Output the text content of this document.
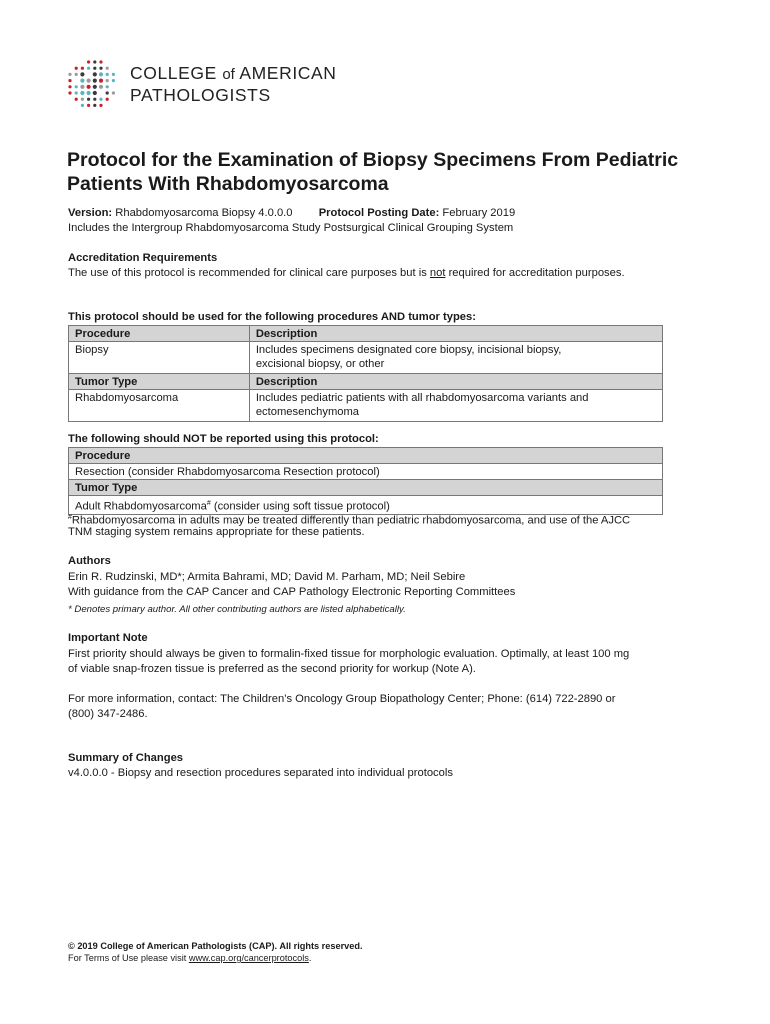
COLLEGE of AMERICAN
PATHOLOGISTS
Protocol for the Examination of Biopsy Specimens From Pediatric Patients With Rhabdomyosarcoma
Version: Rhabdomyosarcoma Biopsy 4.0.0.0 Protocol Posting Date: February 2019
Includes the Intergroup Rhabdomyosarcoma Study Postsurgical Clinical Grouping System
Accreditation Requirements
The use of this protocol is recommended for clinical care purposes but is not required for accreditation purposes.
This protocol should be used for the following procedures AND tumor types:
Procedure	Description
Biopsy	Includes specimens designated core biopsy, incisional biopsy,
excisional biopsy, or other

Tumor Type	Description
Rhabdomyosarcoma	Includes pediatric patients with all rhabdomyosarcoma variants and
ectomesenchymoma
The following should NOT be reported using this protocol:
Procedure
Resection (consider Rhabdomyosarcoma Resection protocol)
Tumor Type
Adult Rhabdomyosarcoma# (consider using soft tissue protocol)
#Rhabdomyosarcoma in adults may be treated differently than pediatric rhabdomyosarcoma, and use of the AJCC
TNM staging system remains appropriate for these patients.
Authors
Erin R. Rudzinski, MD*; Armita Bahrami, MD; David M. Parham, MD; Neil Sebire
With guidance from the CAP Cancer and CAP Pathology Electronic Reporting Committees
* Denotes primary author. All other contributing authors are listed alphabetically.
Important Note
First priority should always be given to formalin-fixed tissue for morphologic evaluation. Optimally, at least 100 mg
of viable snap-frozen tissue is preferred as the second priority for workup (Note A).
For more information, contact: The Children’s Oncology Group Biopathology Center; Phone: (614) 722-2890 or
(800) 347-2486.
Summary of Changes
v4.0.0.0 - Biopsy and resection procedures separated into individual protocols
© 2019 College of American Pathologists (CAP). All rights reserved.
For Terms of Use please visit www.cap.org/cancerprotocols.
